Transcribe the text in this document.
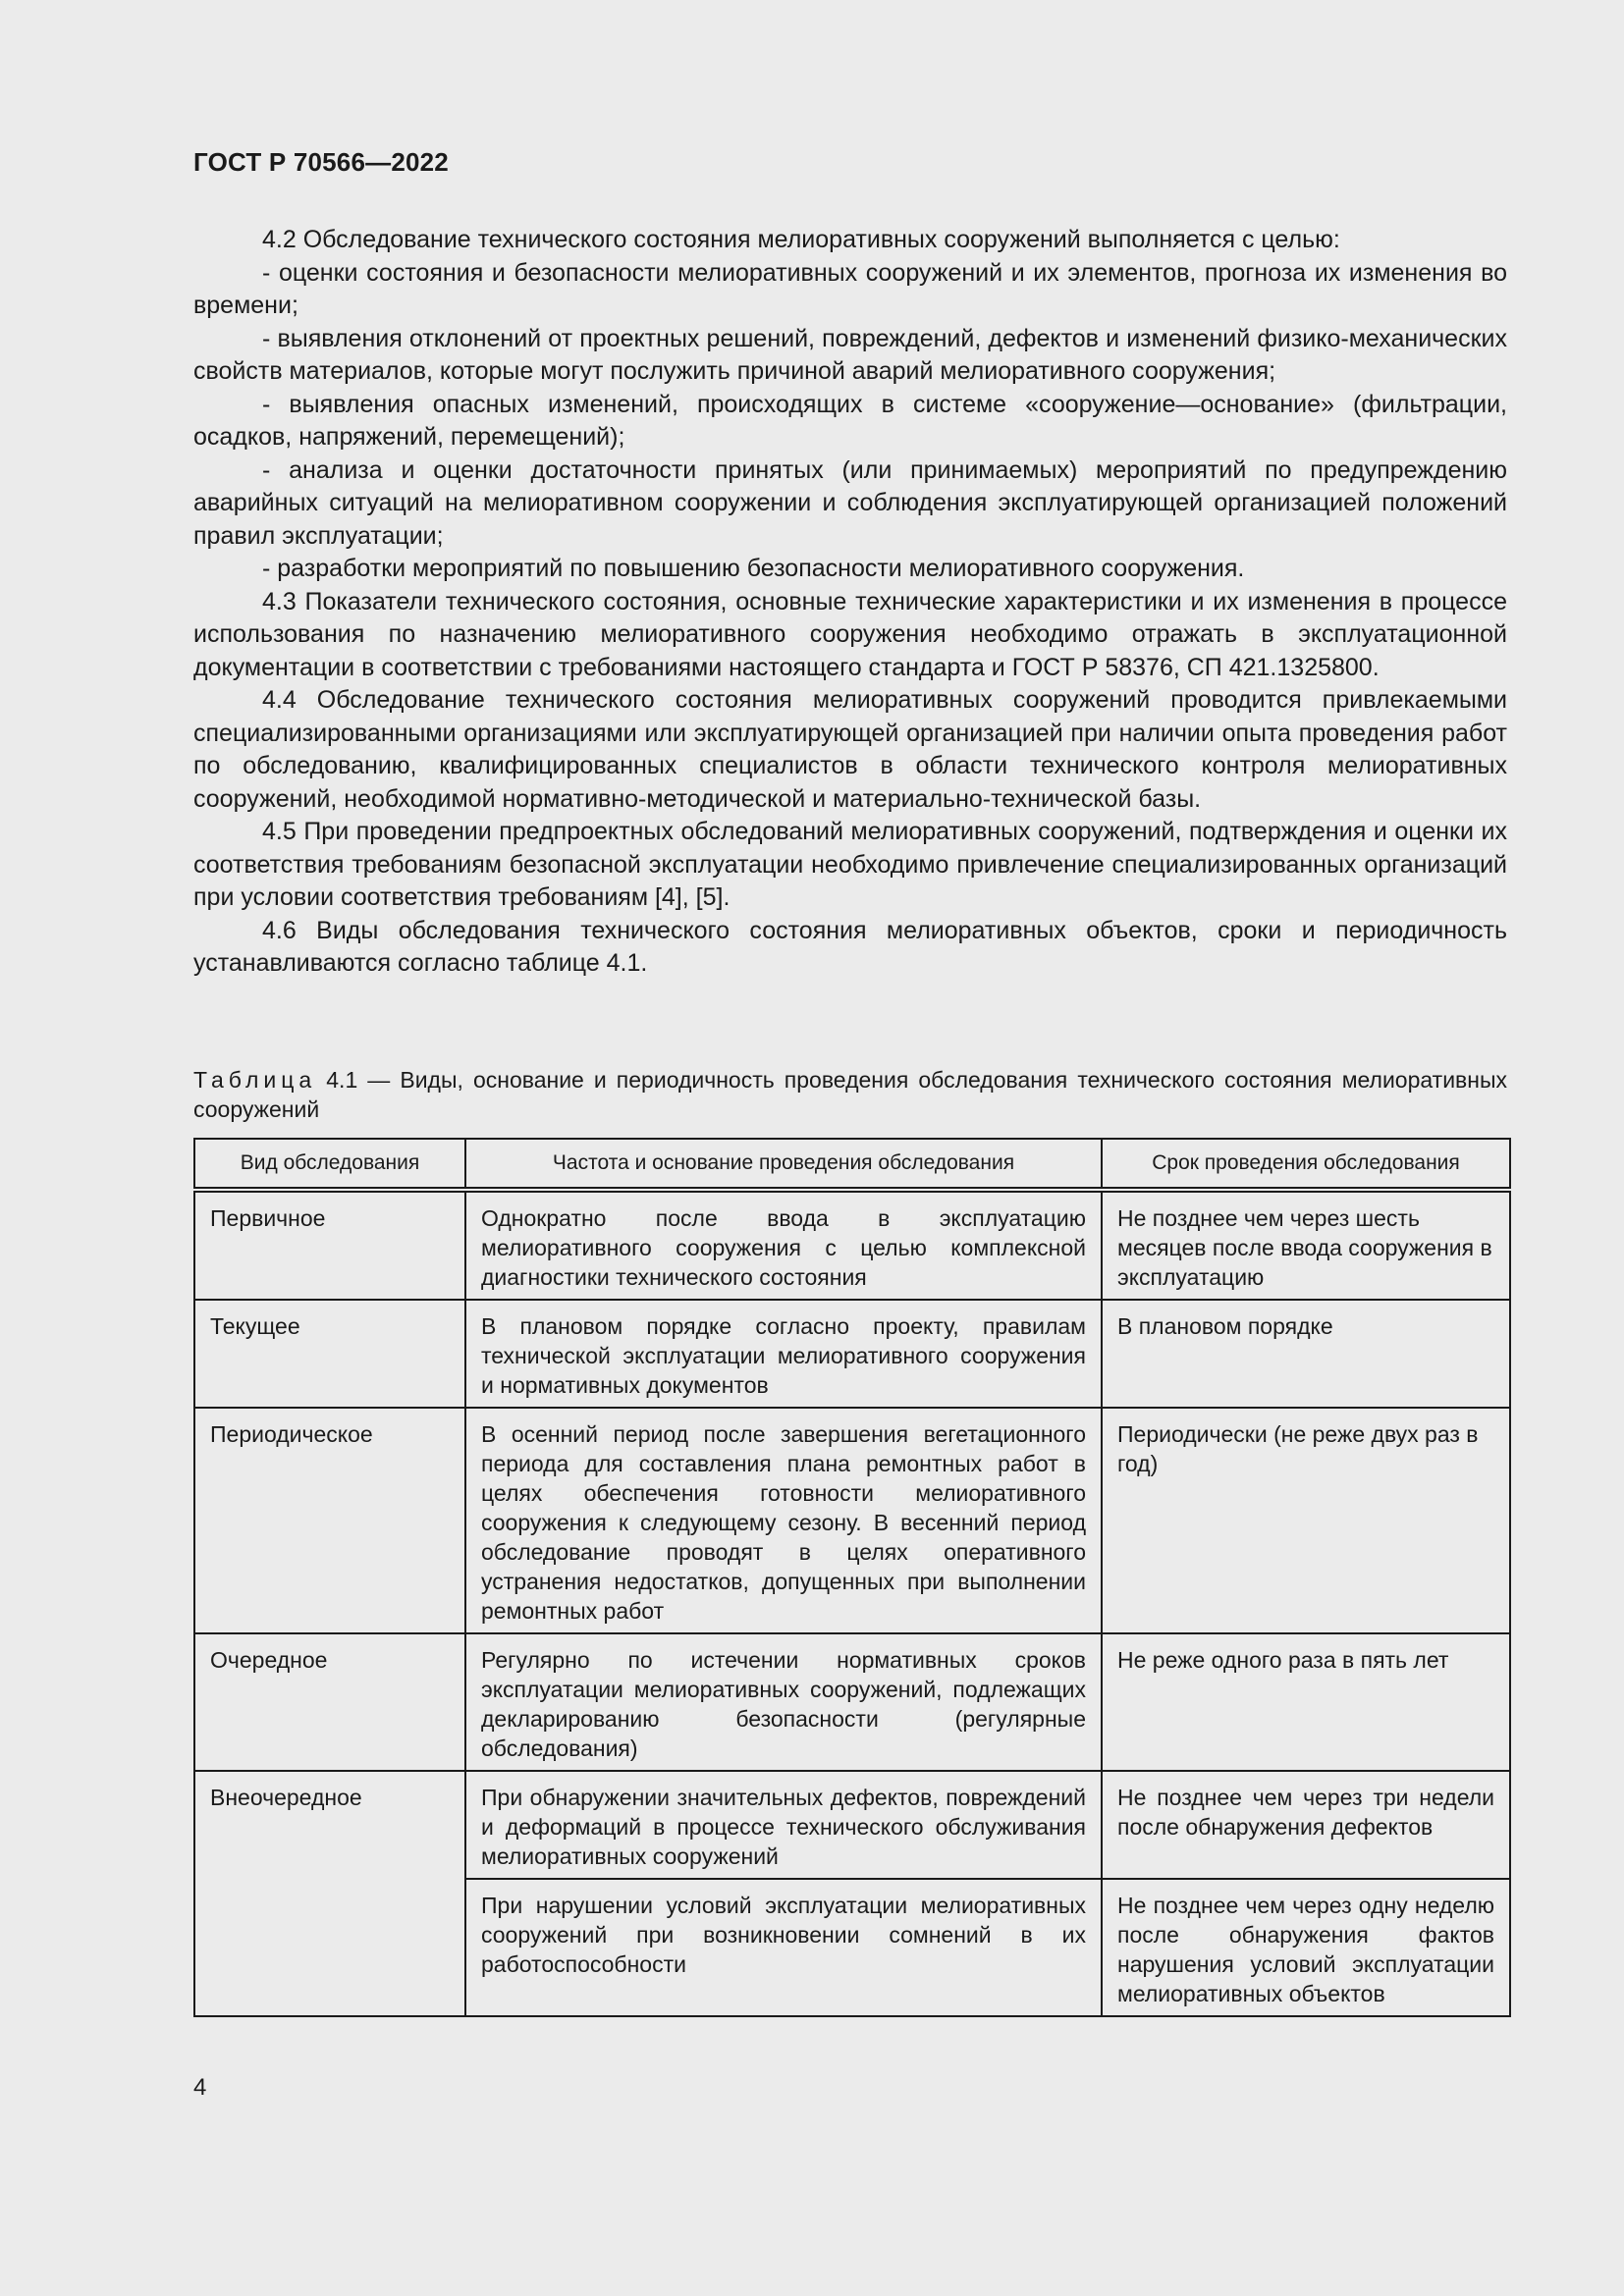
ГОСТ Р 70566—2022

4.2 Обследование технического состояния мелиоративных сооружений выполняется с целью:

- оценки состояния и безопасности мелиоративных сооружений и их элементов, прогноза их изменения во времени;

- выявления отклонений от проектных решений, повреждений, дефектов и изменений физико-механических свойств материалов, которые могут послужить причиной аварий мелиоративного сооружения;

- выявления опасных изменений, происходящих в системе «сооружение—основание» (фильтрации, осадков, напряжений, перемещений);

- анализа и оценки достаточности принятых (или принимаемых) мероприятий по предупреждению аварийных ситуаций на мелиоративном сооружении и соблюдения эксплуатирующей организацией положений правил эксплуатации;

- разработки мероприятий по повышению безопасности мелиоративного сооружения.

4.3 Показатели технического состояния, основные технические характеристики и их изменения в процессе использования по назначению мелиоративного сооружения необходимо отражать в эксплуатационной документации в соответствии с требованиями настоящего стандарта и ГОСТ Р 58376, СП 421.1325800.

4.4 Обследование технического состояния мелиоративных сооружений проводится привлекаемыми специализированными организациями или эксплуатирующей организацией при наличии опыта проведения работ по обследованию, квалифицированных специалистов в области технического контроля мелиоративных сооружений, необходимой нормативно-методической и материально-технической базы.

4.5 При проведении предпроектных обследований мелиоративных сооружений, подтверждения и оценки их соответствия требованиям безопасной эксплуатации необходимо привлечение специализированных организаций при условии соответствия требованиям [4], [5].

4.6 Виды обследования технического состояния мелиоративных объектов, сроки и периодичность устанавливаются согласно таблице 4.1.

Таблица 4.1 — Виды, основание и периодичность проведения обследования технического состояния мелиоративных сооружений
Вид обследования	Частота и основание проведения обследования	Срок проведения обследования
Первичное	Однократно после ввода в эксплуатацию мелиоративного сооружения с целью комплексной диагностики технического состояния	Не позднее чем через шесть месяцев после ввода сооружения в эксплуатацию
Текущее	В плановом порядке согласно проекту, правилам технической эксплуатации мелиоративного сооружения и нормативных документов	В плановом порядке
Периодическое	В осенний период после завершения вегетационного периода для составления плана ремонтных работ в целях обеспечения готовности мелиоративного сооружения к следующему сезону. В весенний период обследование проводят в целях оперативного устранения недостатков, допущенных при выполнении ремонтных работ	Периодически (не реже двух раз в год)
Очередное	Регулярно по истечении нормативных сроков эксплуатации мелиоративных сооружений, подлежащих декларированию безопасности (регулярные обследования)	Не реже одного раза в пять лет
Внеочередное	При обнаружении значительных дефектов, повреждений и деформаций в процессе технического обслуживания мелиоративных сооружений	Не позднее чем через три недели после обнаружения дефектов
	При нарушении условий эксплуатации мелиоративных сооружений при возникновении сомнений в их работоспособности	Не позднее чем через одну неделю после обнаружения фактов нарушения условий эксплуатации мелиоративных объектов
4
